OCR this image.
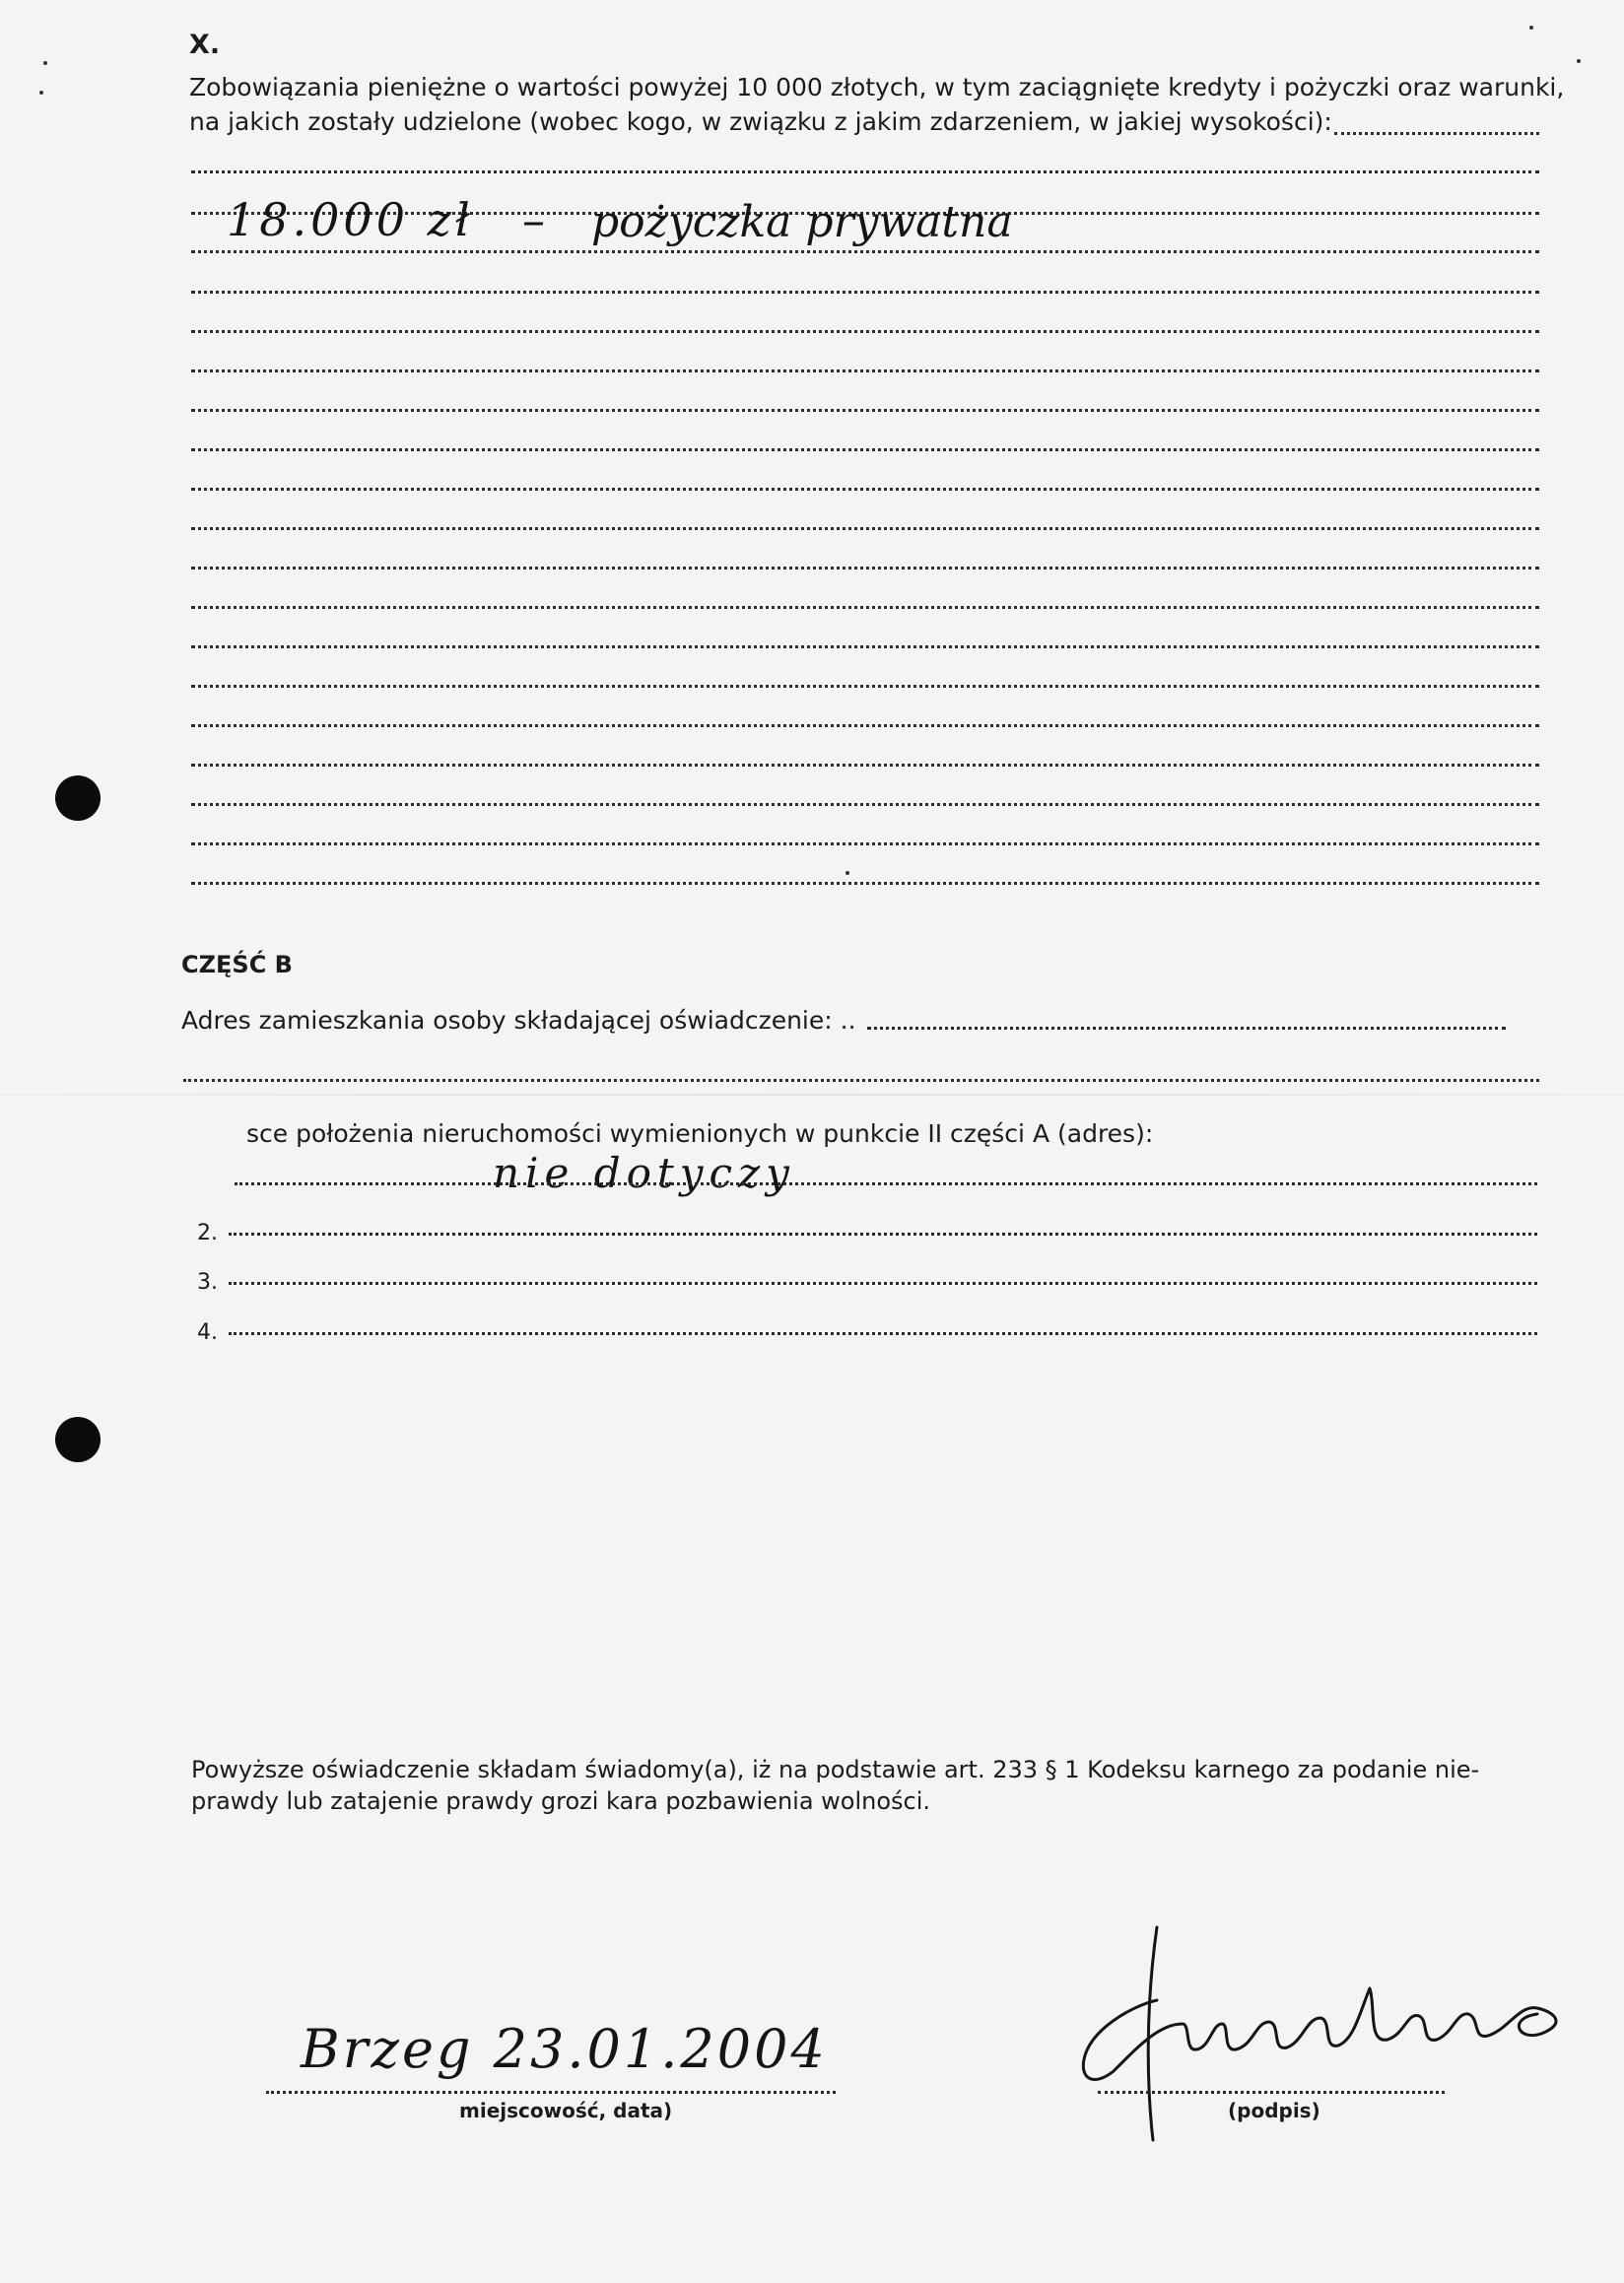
X.
Zobowiązania pieniężne o wartości powyżej 10 000 złotych, w tym zaciągnięte kredyty i pożyczki oraz warunki,
na jakich zostały udzielone (wobec kogo, w związku z jakim zdarzeniem, w jakiej wysokości):
18.000 zł – pożyczka prywatna
CZĘŚĆ B
Adres zamieszkania osoby składającej oświadczenie: ..
sce położenia nieruchomości wymienionych w punkcie II części A (adres):
nie dotyczy
2.
3.
4.
Powyższe oświadczenie składam świadomy(a), iż na podstawie art. 233 § 1 Kodeksu karnego za podanie nie-
prawdy lub zatajenie prawdy grozi kara pozbawienia wolności.
Brzeg 23.01.2004
miejscowość, data)	(podpis)
